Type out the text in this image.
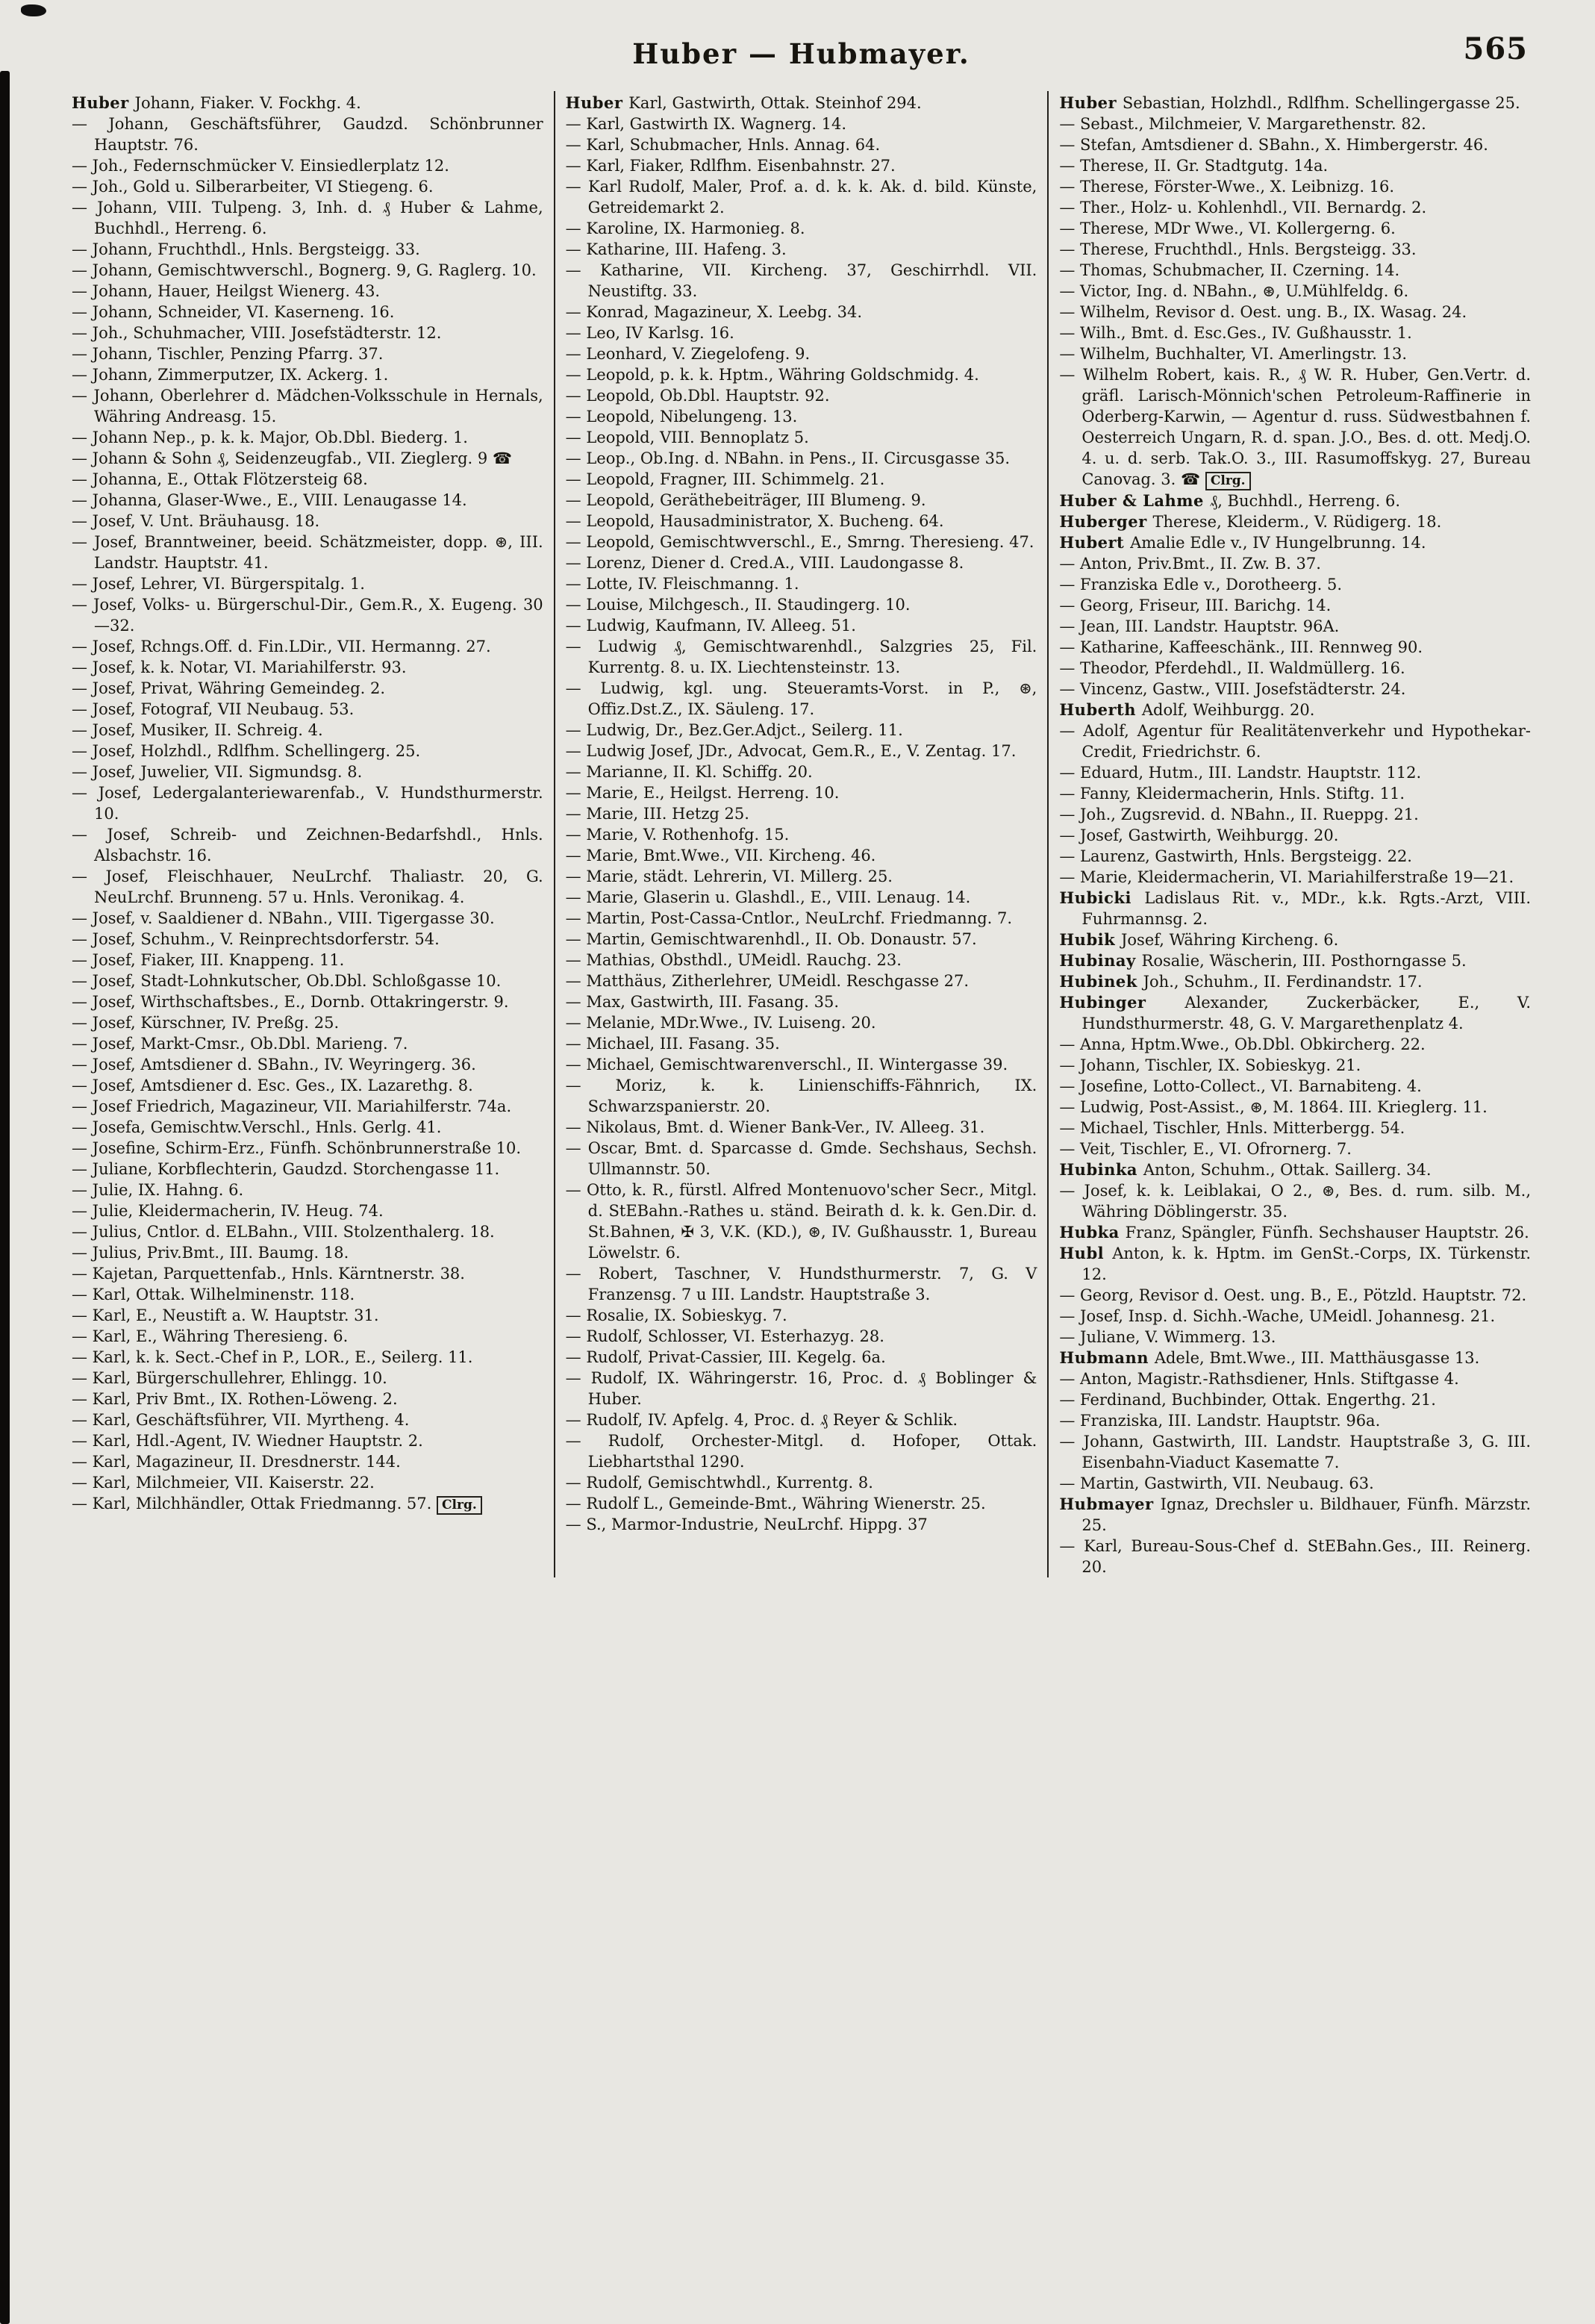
Huber — Hubmayer.	565
Huber Johann, Fiaker. V. Fockhg. 4.
— Johann, Geschäftsführer, Gaudzd. Schönbrunner Hauptstr. 76.
— Joh., Federnschmücker V. Einsiedlerplatz 12.
— Joh., Gold u. Silberarbeiter, VI Stiegeng. 6.
— Johann, VIII. Tulpeng. 3, Inh. d. ₰ Huber & Lahme, Buchhdl., Herreng. 6.
— Johann, Fruchthdl., Hnls. Bergsteigg. 33.
— Johann, Gemischtwverschl., Bognerg. 9, G. Raglerg. 10.
— Johann, Hauer, Heilgst Wienerg. 43.
— Johann, Schneider, VI. Kaserneng. 16.
— Joh., Schuhmacher, VIII. Josefstädterstr. 12.
— Johann, Tischler, Penzing Pfarrg. 37.
— Johann, Zimmerputzer, IX. Ackerg. 1.
— Johann, Oberlehrer d. Mädchen-Volksschule in Hernals, Währing Andreasg. 15.
— Johann Nep., p. k. k. Major, Ob.Dbl. Biederg. 1.
— Johann & Sohn ₰, Seidenzeugfab., VII. Zieglerg. 9 ☎
— Johanna, E., Ottak Flötzersteig 68.
— Johanna, Glaser-Wwe., E., VIII. Lenaugasse 14.
— Josef, V. Unt. Bräuhausg. 18.
— Josef, Branntweiner, beeid. Schätzmeister, dopp. ⊛, III. Landstr. Hauptstr. 41.
— Josef, Lehrer, VI. Bürgerspitalg. 1.
— Josef, Volks- u. Bürgerschul-Dir., Gem.R., X. Eugeng. 30—32.
— Josef, Rchngs.Off. d. Fin.LDir., VII. Hermanng. 27.
— Josef, k. k. Notar, VI. Mariahilferstr. 93.
— Josef, Privat, Währing Gemeindeg. 2.
— Josef, Fotograf, VII Neubaug. 53.
— Josef, Musiker, II. Schreig. 4.
— Josef, Holzhdl., Rdlfhm. Schellingerg. 25.
— Josef, Juwelier, VII. Sigmundsg. 8.
— Josef, Ledergalanteriewarenfab., V. Hundsthurmerstr. 10.
— Josef, Schreib- und Zeichnen-Bedarfshdl., Hnls. Alsbachstr. 16.
— Josef, Fleischhauer, NeuLrchf. Thaliastr. 20, G. NeuLrchf. Brunneng. 57 u. Hnls. Veronikag. 4.
— Josef, v. Saaldiener d. NBahn., VIII. Tigergasse 30.
— Josef, Schuhm., V. Reinprechtsdorferstr. 54.
— Josef, Fiaker, III. Knappeng. 11.
— Josef, Stadt-Lohnkutscher, Ob.Dbl. Schloßgasse 10.
— Josef, Wirthschaftsbes., E., Dornb. Ottakringerstr. 9.
— Josef, Kürschner, IV. Preßg. 25.
— Josef, Markt-Cmsr., Ob.Dbl. Marieng. 7.
— Josef, Amtsdiener d. SBahn., IV. Weyringerg. 36.
— Josef, Amtsdiener d. Esc. Ges., IX. Lazarethg. 8.
— Josef Friedrich, Magazineur, VII. Mariahilferstr. 74a.
— Josefa, Gemischtw.Verschl., Hnls. Gerlg. 41.
— Josefine, Schirm-Erz., Fünfh. Schönbrunnerstraße 10.
— Juliane, Korbflechterin, Gaudzd. Storchengasse 11.
— Julie, IX. Hahng. 6.
— Julie, Kleidermacherin, IV. Heug. 74.
— Julius, Cntlor. d. ELBahn., VIII. Stolzenthalerg. 18.
— Julius, Priv.Bmt., III. Baumg. 18.
— Kajetan, Parquettenfab., Hnls. Kärntnerstr. 38.
— Karl, Ottak. Wilhelminenstr. 118.
— Karl, E., Neustift a. W. Hauptstr. 31.
— Karl, E., Währing Theresieng. 6.
— Karl, k. k. Sect.-Chef in P., LOR., E., Seilerg. 11.
— Karl, Bürgerschullehrer, Ehlingg. 10.
— Karl, Priv Bmt., IX. Rothen-Löweng. 2.
— Karl, Geschäftsführer, VII. Myrtheng. 4.
— Karl, Hdl.-Agent, IV. Wiedner Hauptstr. 2.
— Karl, Magazineur, II. Dresdnerstr. 144.
— Karl, Milchmeier, VII. Kaiserstr. 22.
— Karl, Milchhändler, Ottak Friedmanng. 57. Clrg.
Huber Karl, Gastwirth, Ottak. Steinhof 294.
— Karl, Gastwirth IX. Wagnerg. 14.
— Karl, Schubmacher, Hnls. Annag. 64.
— Karl, Fiaker, Rdlfhm. Eisenbahnstr. 27.
— Karl Rudolf, Maler, Prof. a. d. k. k. Ak. d. bild. Künste, Getreidemarkt 2.
— Karoline, IX. Harmonieg. 8.
— Katharine, III. Hafeng. 3.
— Katharine, VII. Kircheng. 37, Geschirrhdl. VII. Neustiftg. 33.
— Konrad, Magazineur, X. Leebg. 34.
— Leo, IV Karlsg. 16.
— Leonhard, V. Ziegelofeng. 9.
— Leopold, p. k. k. Hptm., Währing Goldschmidg. 4.
— Leopold, Ob.Dbl. Hauptstr. 92.
— Leopold, Nibelungeng. 13.
— Leopold, VIII. Bennoplatz 5.
— Leop., Ob.Ing. d. NBahn. in Pens., II. Circusgasse 35.
— Leopold, Fragner, III. Schimmelg. 21.
— Leopold, Geräthebeiträger, III Blumeng. 9.
— Leopold, Hausadministrator, X. Bucheng. 64.
— Leopold, Gemischtwverschl., E., Smrng. Theresieng. 47.
— Lorenz, Diener d. Cred.A., VIII. Laudongasse 8.
— Lotte, IV. Fleischmanng. 1.
— Louise, Milchgesch., II. Staudingerg. 10.
— Ludwig, Kaufmann, IV. Alleeg. 51.
— Ludwig ₰, Gemischtwarenhdl., Salzgries 25, Fil. Kurrentg. 8. u. IX. Liechtensteinstr. 13.
— Ludwig, kgl. ung. Steueramts-Vorst. in P., ⊛, Offiz.Dst.Z., IX. Säuleng. 17.
— Ludwig, Dr., Bez.Ger.Adjct., Seilerg. 11.
— Ludwig Josef, JDr., Advocat, Gem.R., E., V. Zentag. 17.
— Marianne, II. Kl. Schiffg. 20.
— Marie, E., Heilgst. Herreng. 10.
— Marie, III. Hetzg 25.
— Marie, V. Rothenhofg. 15.
— Marie, Bmt.Wwe., VII. Kircheng. 46.
— Marie, städt. Lehrerin, VI. Millerg. 25.
— Marie, Glaserin u. Glashdl., E., VIII. Lenaug. 14.
— Martin, Post-Cassa-Cntlor., NeuLrchf. Friedmanng. 7.
— Martin, Gemischtwarenhdl., II. Ob. Donaustr. 57.
— Mathias, Obsthdl., UMeidl. Rauchg. 23.
— Matthäus, Zitherlehrer, UMeidl. Reschgasse 27.
— Max, Gastwirth, III. Fasang. 35.
— Melanie, MDr.Wwe., IV. Luiseng. 20.
— Michael, III. Fasang. 35.
— Michael, Gemischtwarenverschl., II. Wintergasse 39.
— Moriz, k. k. Linienschiffs-Fähnrich, IX. Schwarzspanierstr. 20.
— Nikolaus, Bmt. d. Wiener Bank-Ver., IV. Alleeg. 31.
— Oscar, Bmt. d. Sparcasse d. Gmde. Sechshaus, Sechsh. Ullmannstr. 50.
— Otto, k. R., fürstl. Alfred Montenuovo'scher Secr., Mitgl. d. StEBahn.-Rathes u. ständ. Beirath d. k. k. Gen.Dir. d. St.Bahnen, ✠ 3, V.K. (KD.), ⊛, IV. Gußhausstr. 1, Bureau Löwelstr. 6.
— Robert, Taschner, V. Hundsthurmerstr. 7, G. V Franzensg. 7 u III. Landstr. Hauptstraße 3.
— Rosalie, IX. Sobieskyg. 7.
— Rudolf, Schlosser, VI. Esterhazyg. 28.
— Rudolf, Privat-Cassier, III. Kegelg. 6a.
— Rudolf, IX. Währingerstr. 16, Proc. d. ₰ Boblinger & Huber.
— Rudolf, IV. Apfelg. 4, Proc. d. ₰ Reyer & Schlik.
— Rudolf, Orchester-Mitgl. d. Hofoper, Ottak. Liebhartsthal 1290.
— Rudolf, Gemischtwhdl., Kurrentg. 8.
— Rudolf L., Gemeinde-Bmt., Währing Wienerstr. 25.
— S., Marmor-Industrie, NeuLrchf. Hippg. 37
Huber Sebastian, Holzhdl., Rdlfhm. Schellingergasse 25.
— Sebast., Milchmeier, V. Margarethenstr. 82.
— Stefan, Amtsdiener d. SBahn., X. Himbergerstr. 46.
— Therese, II. Gr. Stadtgutg. 14a.
— Therese, Förster-Wwe., X. Leibnizg. 16.
— Ther., Holz- u. Kohlenhdl., VII. Bernardg. 2.
— Therese, MDr Wwe., VI. Kollergerng. 6.
— Therese, Fruchthdl., Hnls. Bergsteigg. 33.
— Thomas, Schubmacher, II. Czerning. 14.
— Victor, Ing. d. NBahn., ⊛, U.Mühlfeldg. 6.
— Wilhelm, Revisor d. Oest. ung. B., IX. Wasag. 24.
— Wilh., Bmt. d. Esc.Ges., IV. Gußhausstr. 1.
— Wilhelm, Buchhalter, VI. Amerlingstr. 13.
— Wilhelm Robert, kais. R., ₰ W. R. Huber, Gen.Vertr. d. gräfl. Larisch-Mönnich'schen Petroleum-Raffinerie in Oderberg-Karwin, — Agentur d. russ. Südwestbahnen f. Oesterreich Ungarn, R. d. span. J.O., Bes. d. ott. Medj.O. 4. u. d. serb. Tak.O. 3., III. Rasumoffskyg. 27, Bureau Canovag. 3. ☎ Clrg.
Huber & Lahme ₰, Buchhdl., Herreng. 6.
Huberger Therese, Kleiderm., V. Rüdigerg. 18.
Hubert Amalie Edle v., IV Hungelbrunng. 14.
— Anton, Priv.Bmt., II. Zw. B. 37.
— Franziska Edle v., Dorotheerg. 5.
— Georg, Friseur, III. Barichg. 14.
— Jean, III. Landstr. Hauptstr. 96A.
— Katharine, Kaffeeschänk., III. Rennweg 90.
— Theodor, Pferdehdl., II. Waldmüllerg. 16.
— Vincenz, Gastw., VIII. Josefstädterstr. 24.
Huberth Adolf, Weihburgg. 20.
— Adolf, Agentur für Realitätenverkehr und Hypothekar-Credit, Friedrichstr. 6.
— Eduard, Hutm., III. Landstr. Hauptstr. 112.
— Fanny, Kleidermacherin, Hnls. Stiftg. 11.
— Joh., Zugsrevid. d. NBahn., II. Rueppg. 21.
— Josef, Gastwirth, Weihburgg. 20.
— Laurenz, Gastwirth, Hnls. Bergsteigg. 22.
— Marie, Kleidermacherin, VI. Mariahilferstraße 19—21.
Hubicki Ladislaus Rit. v., MDr., k.k. Rgts.-Arzt, VIII. Fuhrmannsg. 2.
Hubik Josef, Währing Kircheng. 6.
Hubinay Rosalie, Wäscherin, III. Posthorngasse 5.
Hubinek Joh., Schuhm., II. Ferdinandstr. 17.
Hubinger Alexander, Zuckerbäcker, E., V. Hundsthurmerstr. 48, G. V. Margarethenplatz 4.
— Anna, Hptm.Wwe., Ob.Dbl. Obkircherg. 22.
— Johann, Tischler, IX. Sobieskyg. 21.
— Josefine, Lotto-Collect., VI. Barnabiteng. 4.
— Ludwig, Post-Assist., ⊛, M. 1864. III. Krieglerg. 11.
— Michael, Tischler, Hnls. Mitterbergg. 54.
— Veit, Tischler, E., VI. Ofrornerg. 7.
Hubinka Anton, Schuhm., Ottak. Saillerg. 34.
— Josef, k. k. Leiblakai, O 2., ⊛, Bes. d. rum. silb. M., Währing Döblingerstr. 35.
Hubka Franz, Spängler, Fünfh. Sechshauser Hauptstr. 26.
Hubl Anton, k. k. Hptm. im GenSt.-Corps, IX. Türkenstr. 12.
— Georg, Revisor d. Oest. ung. B., E., Pötzld. Hauptstr. 72.
— Josef, Insp. d. Sichh.-Wache, UMeidl. Johannesg. 21.
— Juliane, V. Wimmerg. 13.
Hubmann Adele, Bmt.Wwe., III. Matthäusgasse 13.
— Anton, Magistr.-Rathsdiener, Hnls. Stiftgasse 4.
— Ferdinand, Buchbinder, Ottak. Engerthg. 21.
— Franziska, III. Landstr. Hauptstr. 96a.
— Johann, Gastwirth, III. Landstr. Hauptstraße 3, G. III. Eisenbahn-Viaduct Kasematte 7.
— Martin, Gastwirth, VII. Neubaug. 63.
Hubmayer Ignaz, Drechsler u. Bildhauer, Fünfh. Märzstr. 25.
— Karl, Bureau-Sous-Chef d. StEBahn.Ges., III. Reinerg. 20.
